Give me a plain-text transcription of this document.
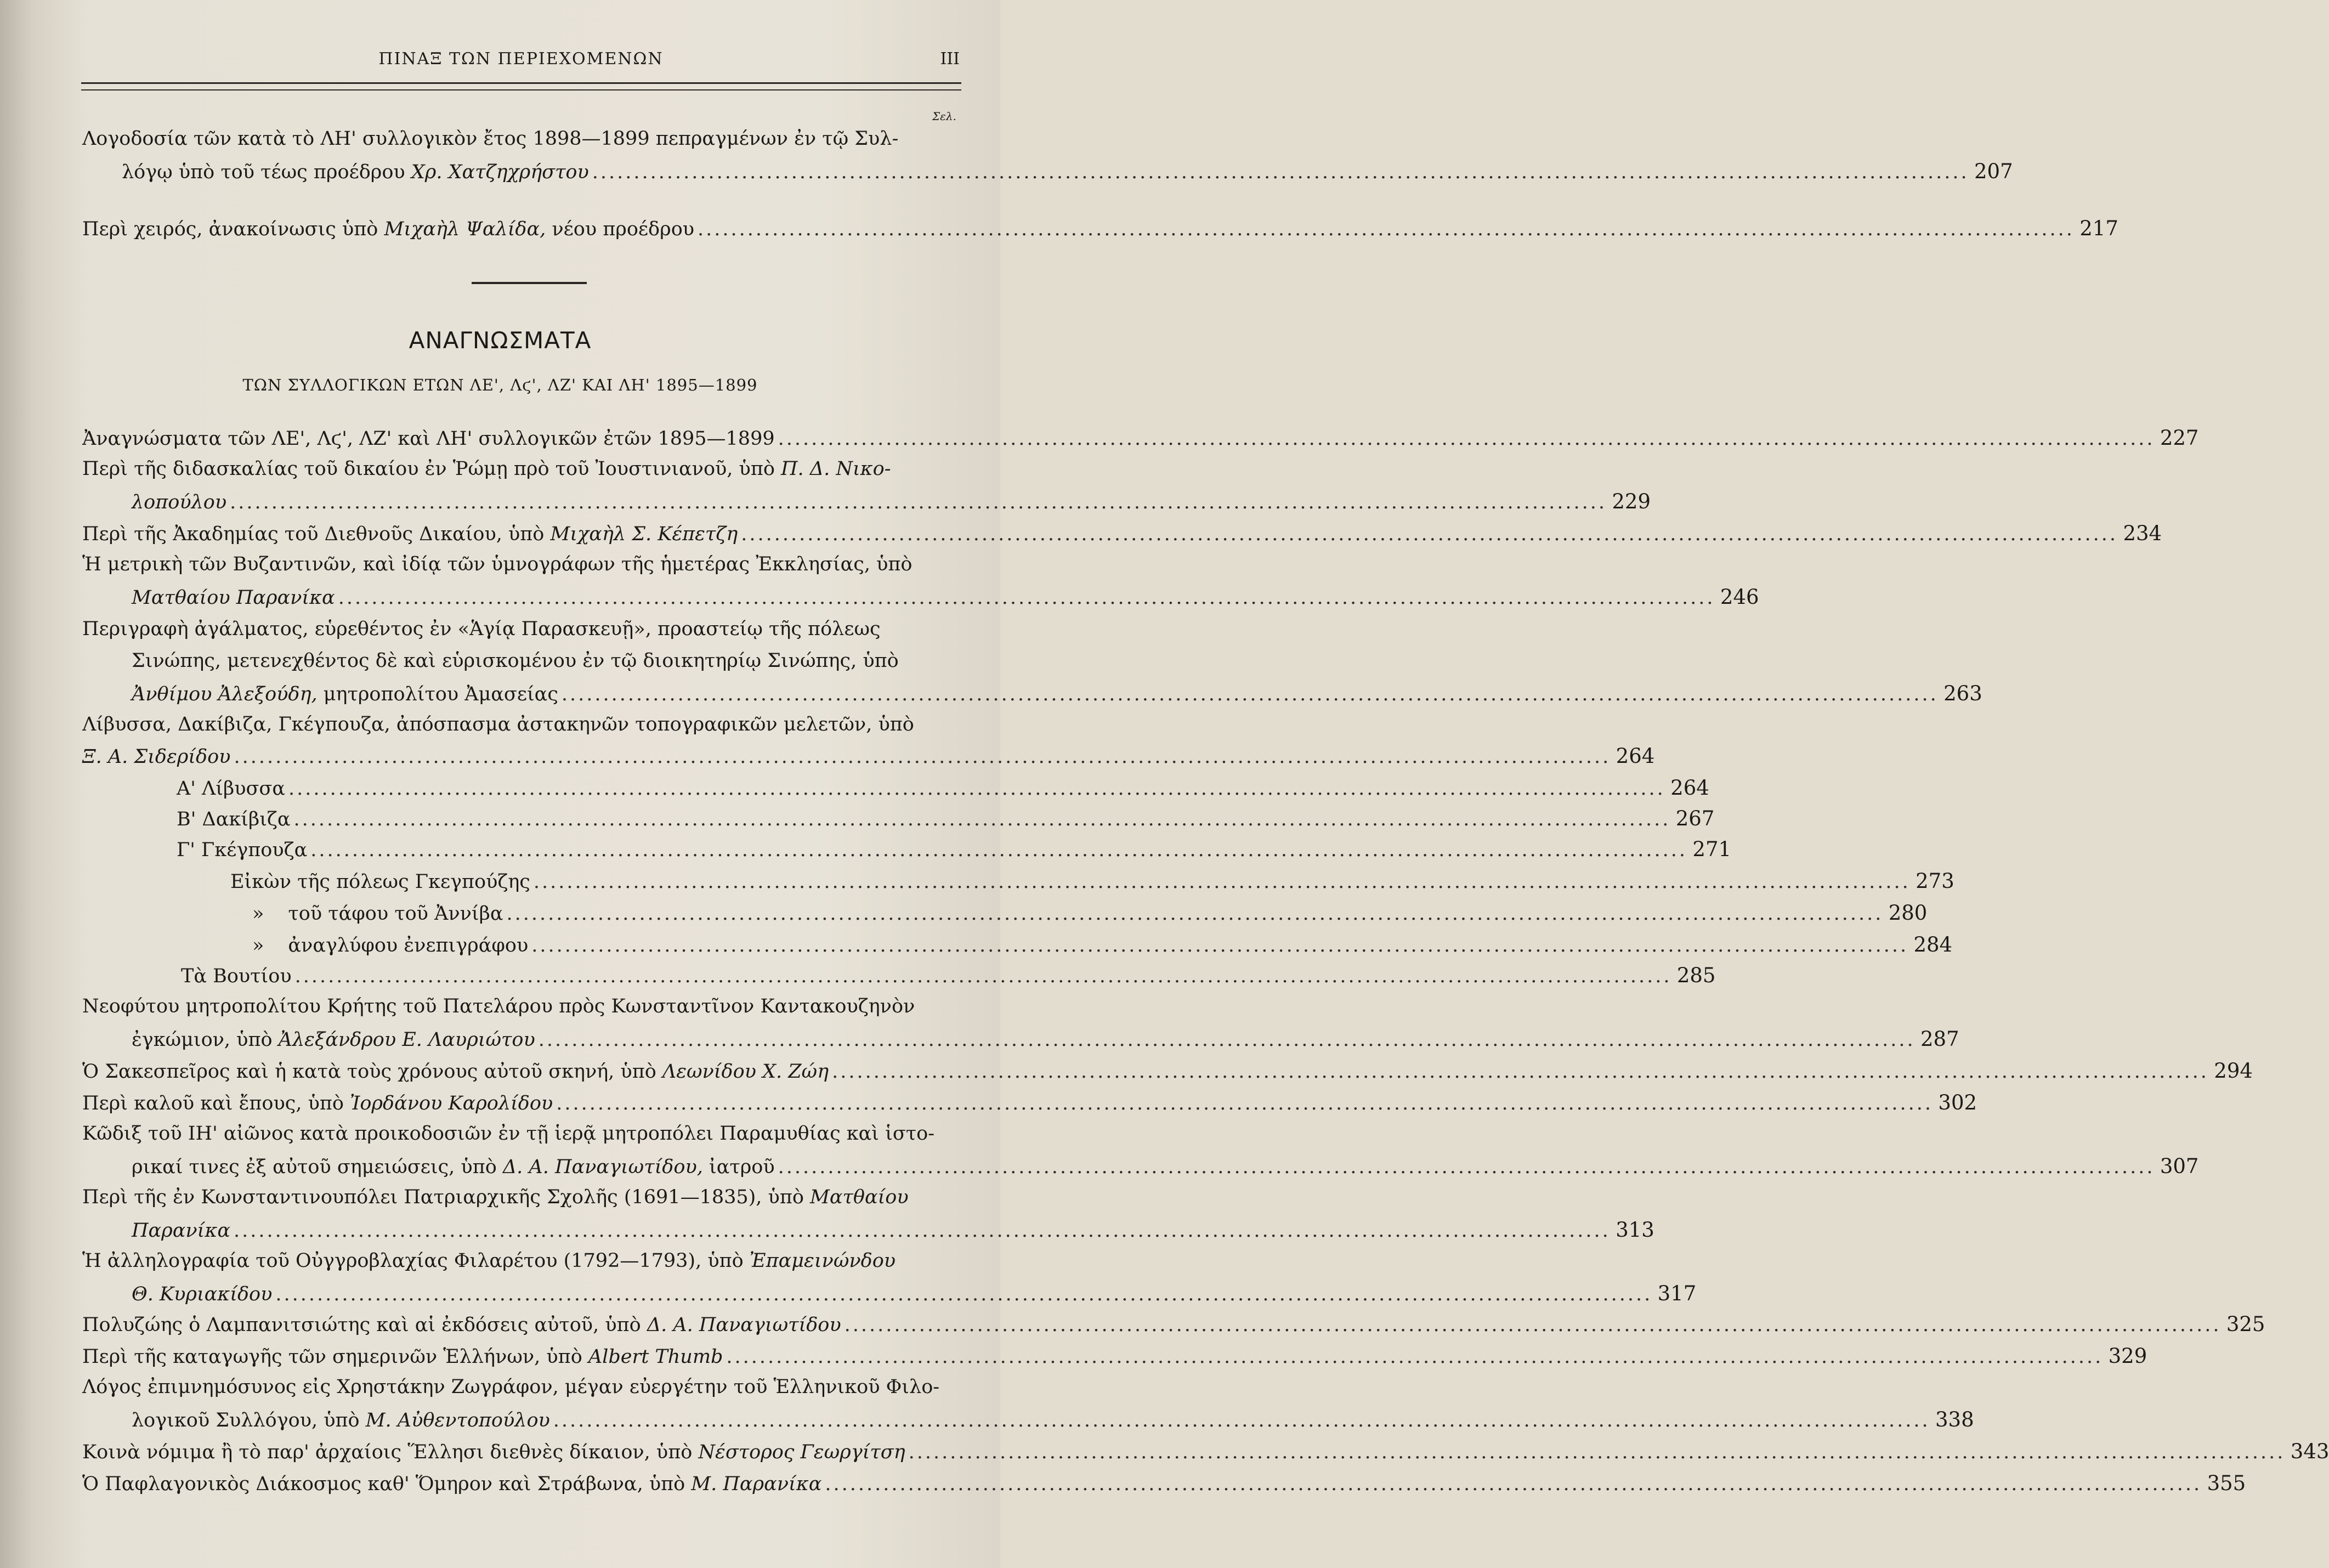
ΠΙΝΑΞ ΤΩΝ ΠΕΡΙΕΧΟΜΕΝΩΝ	III
Σελ.
Λογοδοσία τῶν κατὰ τὸ ΛΗ' συλλογικὸν ἔτος 1898—1899 πεπραγμένων ἐν τῷ Συλ-
λόγῳ ὑπὸ τοῦ τέως προέδρου Χρ. Χατζηχρήστου ...................................................................................................................................................................... 207
Περὶ χειρός, ἀνακοίνωσις ὑπὸ Μιχαὴλ Ψαλίδα, νέου προέδρου ...................................................................................................................................................................... 217
ΑΝΑΓΝΩΣΜΑΤΑ
ΤΩΝ ΣΥΛΛΟΓΙΚΩΝ ΕΤΩΝ ΛΕ', Λϛ', ΛΖ' ΚΑΙ ΛΗ' 1895—1899
Ἀναγνώσματα τῶν ΛΕ', Λϛ', ΛΖ' καὶ ΛΗ' συλλογικῶν ἐτῶν 1895—1899 ...................................................................................................................................................................... 227
Περὶ τῆς διδασκαλίας τοῦ δικαίου ἐν Ῥώμῃ πρὸ τοῦ Ἰουστινιανοῦ, ὑπὸ Π. Δ. Νικο-
λοπούλου ...................................................................................................................................................................... 229
Περὶ τῆς Ἀκαδημίας τοῦ Διεθνοῦς Δικαίου, ὑπὸ Μιχαὴλ Σ. Κέπετζη ...................................................................................................................................................................... 234
Ἡ μετρικὴ τῶν Βυζαντινῶν, καὶ ἰδίᾳ τῶν ὑμνογράφων τῆς ἡμετέρας Ἐκκλησίας, ὑπὸ
Ματθαίου Παρανίκα ...................................................................................................................................................................... 246
Περιγραφὴ ἀγάλματος, εὑρεθέντος ἐν «Ἁγίᾳ Παρασκευῇ», προαστείῳ τῆς πόλεως
Σινώπης, μετενεχθέντος δὲ καὶ εὑρισκομένου ἐν τῷ διοικητηρίῳ Σινώπης, ὑπὸ
Ἀνθίμου Ἀλεξούδη, μητροπολίτου Ἀμασείας ...................................................................................................................................................................... 263
Λίβυσσα, Δακίβιζα, Γκέγπουζα, ἀπόσπασμα ἀστακηνῶν τοπογραφικῶν μελετῶν, ὑπὸ
Ξ. Α. Σιδερίδου ...................................................................................................................................................................... 264
Α' Λίβυσσα ...................................................................................................................................................................... 264
Β' Δακίβιζα ...................................................................................................................................................................... 267
Γ' Γκέγπουζα ...................................................................................................................................................................... 271
Εἰκὼν τῆς πόλεως Γκεγπούζης ...................................................................................................................................................................... 273
» τοῦ τάφου τοῦ Ἀννίβα ...................................................................................................................................................................... 280
» ἀναγλύφου ἐνεπιγράφου ...................................................................................................................................................................... 284
Τὰ Βουτίου ...................................................................................................................................................................... 285
Νεοφύτου μητροπολίτου Κρήτης τοῦ Πατελάρου πρὸς Κωνσταντῖνον Καντακουζηνὸν
ἐγκώμιον, ὑπὸ Ἀλεξάνδρου Ε. Λαυριώτου ...................................................................................................................................................................... 287
Ὁ Σακεσπεῖρος καὶ ἡ κατὰ τοὺς χρόνους αὐτοῦ σκηνή, ὑπὸ Λεωνίδου Χ. Ζώη ...................................................................................................................................................................... 294
Περὶ καλοῦ καὶ ἔπους, ὑπὸ Ἰορδάνου Καρολίδου ...................................................................................................................................................................... 302
Κῶδιξ τοῦ ΙΗ' αἰῶνος κατὰ προικοδοσιῶν ἐν τῇ ἱερᾷ μητροπόλει Παραμυθίας καὶ ἱστο-
ρικαί τινες ἐξ αὐτοῦ σημειώσεις, ὑπὸ Δ. Α. Παναγιωτίδου, ἰατροῦ ...................................................................................................................................................................... 307
Περὶ τῆς ἐν Κωνσταντινουπόλει Πατριαρχικῆς Σχολῆς (1691—1835), ὑπὸ Ματθαίου
Παρανίκα ...................................................................................................................................................................... 313
Ἡ ἀλληλογραφία τοῦ Οὐγγροβλαχίας Φιλαρέτου (1792—1793), ὑπὸ Ἐπαμεινώνδου
Θ. Κυριακίδου ...................................................................................................................................................................... 317
Πολυζώης ὁ Λαμπανιτσιώτης καὶ αἱ ἐκδόσεις αὐτοῦ, ὑπὸ Δ. Α. Παναγιωτίδου ...................................................................................................................................................................... 325
Περὶ τῆς καταγωγῆς τῶν σημερινῶν Ἑλλήνων, ὑπὸ Albert Thumb ...................................................................................................................................................................... 329
Λόγος ἐπιμνημόσυνος εἰς Χρηστάκην Ζωγράφον, μέγαν εὐεργέτην τοῦ Ἑλληνικοῦ Φιλο-
λογικοῦ Συλλόγου, ὑπὸ Μ. Αὐθεντοπούλου ...................................................................................................................................................................... 338
Κοινὰ νόμιμα ἢ τὸ παρ' ἀρχαίοις Ἕλλησι διεθνὲς δίκαιον, ὑπὸ Νέστορος Γεωργίτση ...................................................................................................................................................................... 343
Ὁ Παφλαγονικὸς Διάκοσμος καθ' Ὅμηρον καὶ Στράβωνα, ὑπὸ Μ. Παρανίκα ...................................................................................................................................................................... 355
